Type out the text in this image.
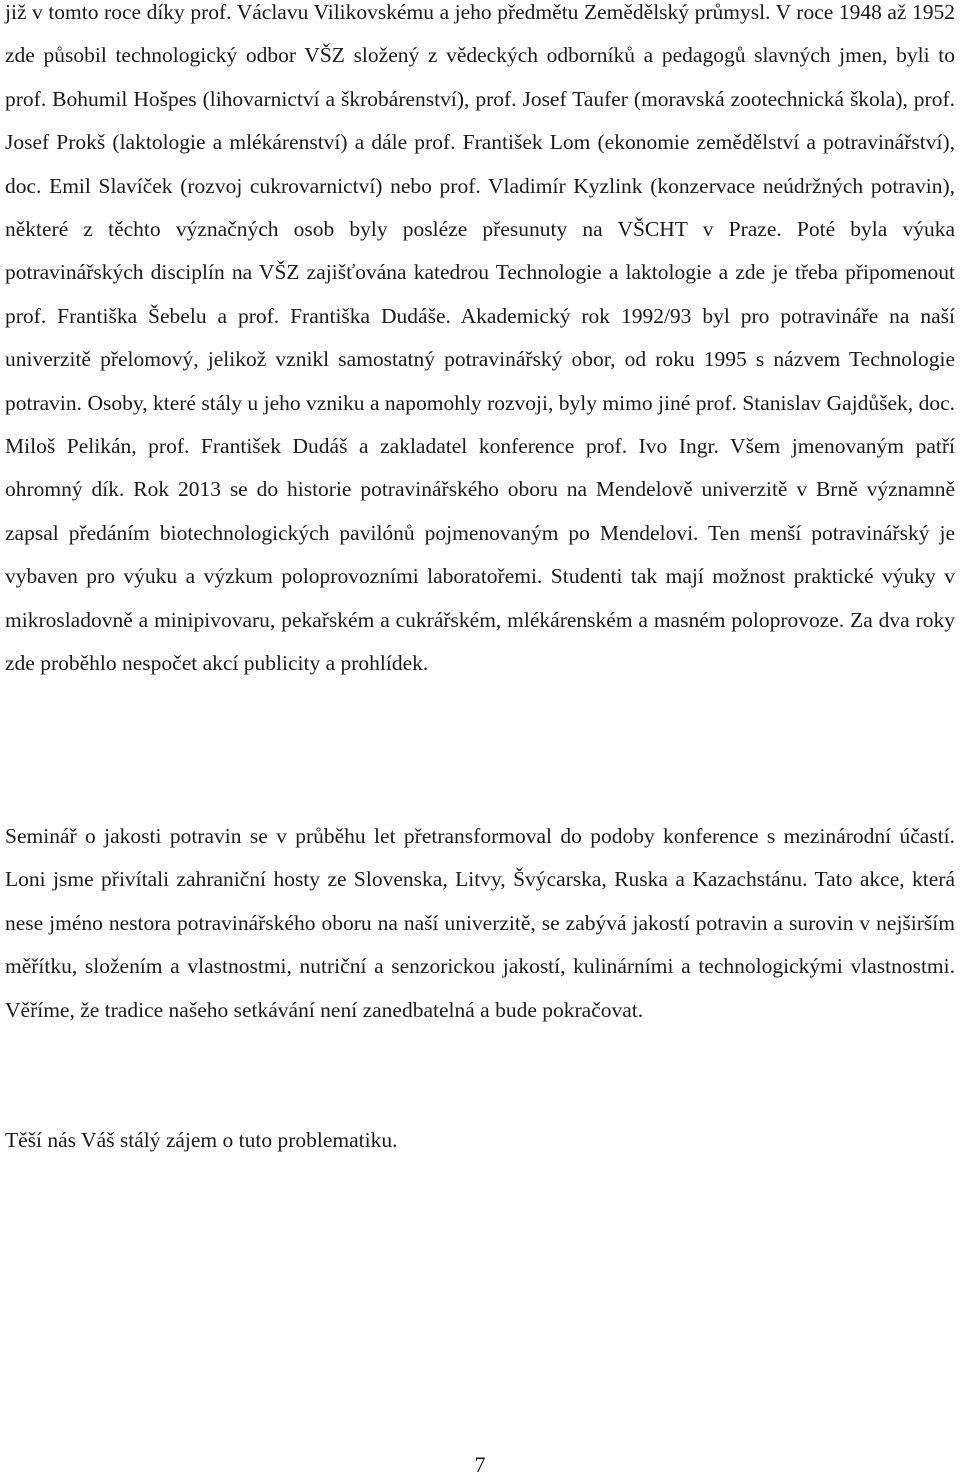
již v tomto roce díky prof. Václavu Vilikovskému a jeho předmětu Zemědělský průmysl. V roce 1948 až 1952 zde působil technologický odbor VŠZ složený z vědeckých odborníků a pedagogů slavných jmen, byli to prof. Bohumil Hošpes (lihovarnictví a škrobárenství), prof. Josef Taufer (moravská zootechnická škola), prof. Josef Prokš (laktologie a mlékárenství) a dále prof. František Lom (ekonomie zemědělství a potravinářství), doc. Emil Slavíček (rozvoj cukrovarnictví) nebo prof. Vladimír Kyzlink (konzervace neúdržných potravin), některé z těchto význačných osob byly posléze přesunuty na VŠCHT v Praze. Poté byla výuka potravinářských disciplín na VŠZ zajišťována katedrou Technologie a laktologie a zde je třeba připomenout prof. Františka Šebelu a prof. Františka Dudáše. Akademický rok 1992/93 byl pro potravináře na naší univerzitě přelomový, jelikož vznikl samostatný potravinářský obor, od roku 1995 s názvem Technologie potravin. Osoby, které stály u jeho vzniku a napomohly rozvoji, byly mimo jiné prof. Stanislav Gajdůšek, doc. Miloš Pelikán, prof. František Dudáš a zakladatel konference prof. Ivo Ingr. Všem jmenovaným patří ohromný dík. Rok 2013 se do historie potravinářského oboru na Mendelově univerzitě v Brně významně zapsal předáním biotechnologických pavilónů pojmenovaným po Mendelovi. Ten menší potravinářský je vybaven pro výuku a výzkum poloprovozními laboratořemi. Studenti tak mají možnost praktické výuky v mikrosladovně a minipivovaru, pekařském a cukrářském, mlékárenském a masném poloprovoze. Za dva roky zde proběhlo nespočet akcí publicity a prohlídek.

Seminář o jakosti potravin se v průběhu let přetransformoval do podoby konference s mezinárodní účastí. Loni jsme přivítali zahraniční hosty ze Slovenska, Litvy, Švýcarska, Ruska a Kazachstánu. Tato akce, která nese jméno nestora potravinářského oboru na naší univerzitě, se zabývá jakostí potravin a surovin v nejširším měřítku, složením a vlastnostmi, nutriční a senzorickou jakostí, kulinárními a technologickými vlastnostmi. Věříme, že tradice našeho setkávání není zanedbatelná a bude pokračovat.

Těší nás Váš stálý zájem o tuto problematiku.

7
